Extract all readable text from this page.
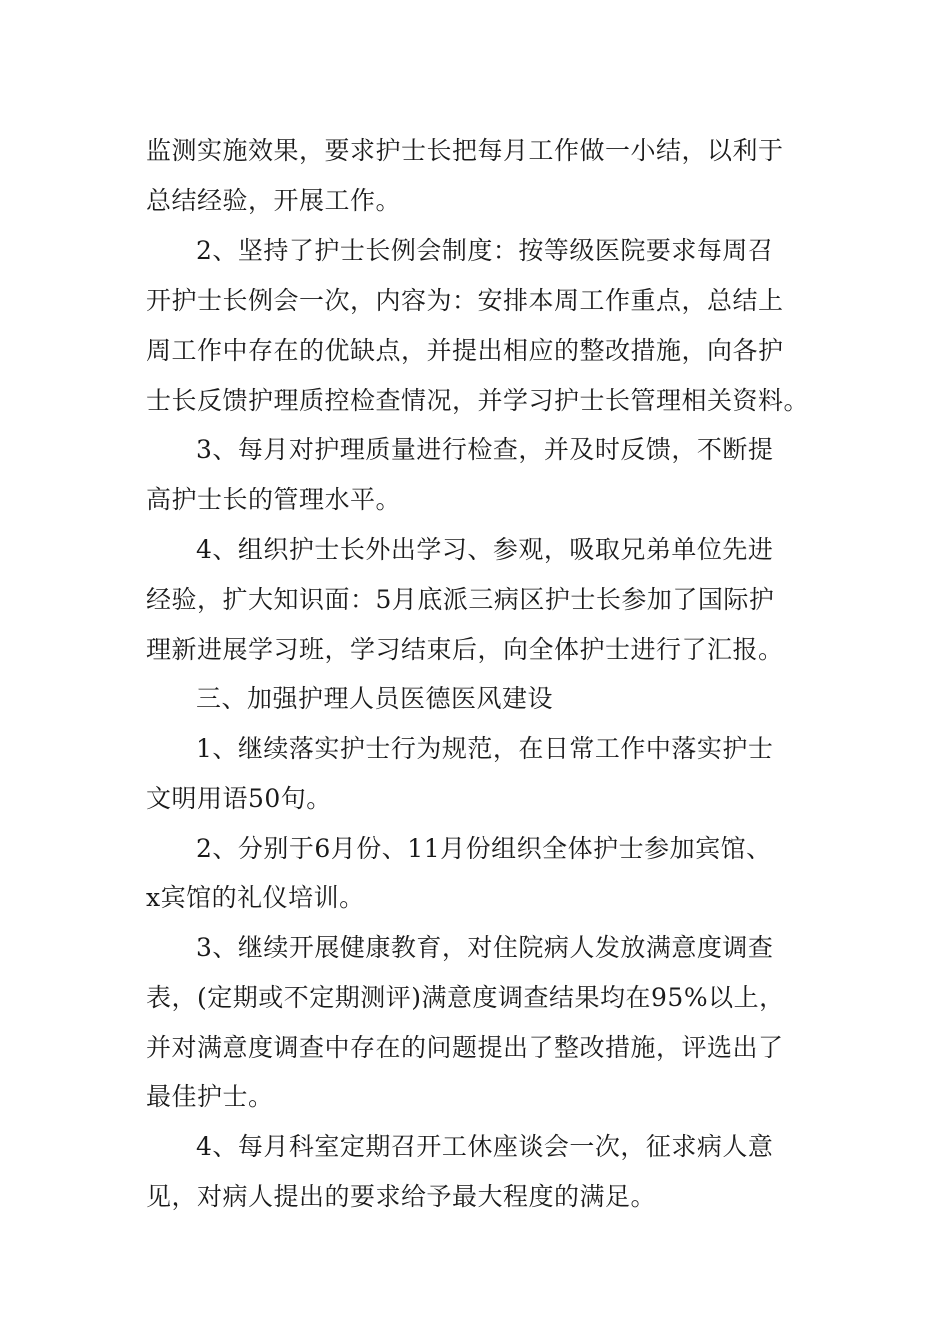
监测实施效果，要求护士长把每月工作做一小结，以利于
总结经验，开展工作。
2、坚持了护士长例会制度：按等级医院要求每周召
开护士长例会一次，内容为：安排本周工作重点，总结上
周工作中存在的优缺点，并提出相应的整改措施，向各护
士长反馈护理质控检查情况，并学习护士长管理相关资料。
3、每月对护理质量进行检查，并及时反馈，不断提
高护士长的管理水平。
4、组织护士长外出学习、参观，吸取兄弟单位先进
经验，扩大知识面：5月底派三病区护士长参加了国际护
理新进展学习班，学习结束后，向全体护士进行了汇报。
三、加强护理人员医德医风建设
1、继续落实护士行为规范，在日常工作中落实护士
文明用语50句。
2、分别于6月份、11月份组织全体护士参加宾馆、
x宾馆的礼仪培训。
3、继续开展健康教育，对住院病人发放满意度调查
表，(定期或不定期测评)满意度调查结果均在95%以上，
并对满意度调查中存在的问题提出了整改措施，评选出了
最佳护士。
4、每月科室定期召开工休座谈会一次，征求病人意
见，对病人提出的要求给予最大程度的满足。
